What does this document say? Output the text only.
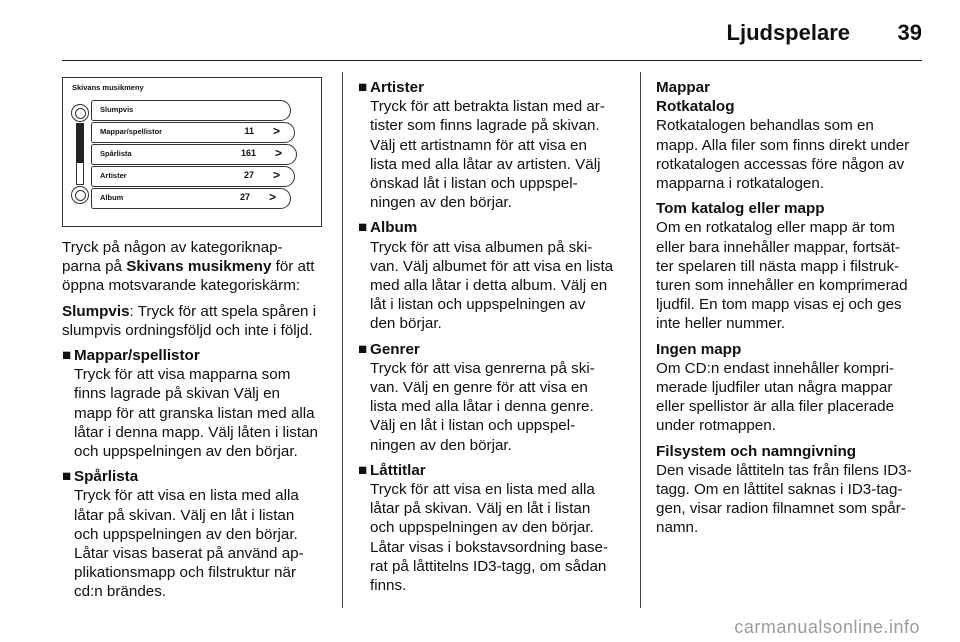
Ljudspelare 39
Skivans musikmeny
Slumpvis
Mappar/spellistor	11 >
Spårlista	161 >
Artister	27 >
Album	27 >

Tryck på någon av kategoriknap-

parna på Skivans musikmeny för att

öppna motsvarande kategoriskärm:

Slumpvis: Tryck för att spela spåren i

slumpvis ordningsföljd och inte i följd.

■ Mappar/spellistor

Tryck för att visa mapparna som

finns lagrade på skivan Välj en

mapp för att granska listan med alla

låtar i denna mapp. Välj låten i listan

och uppspelningen av den börjar.

■ Spårlista

Tryck för att visa en lista med alla

låtar på skivan. Välj en låt i listan

och uppspelningen av den börjar.

Låtar visas baserat på använd ap-

plikationsmapp och filstruktur när

cd:n brändes.

■ Artister

Tryck för att betrakta listan med ar-

tister som finns lagrade på skivan.

Välj ett artistnamn för att visa en

lista med alla låtar av artisten. Välj

önskad låt i listan och uppspel-

ningen av den börjar.

■ Album

Tryck för att visa albumen på ski-

van. Välj albumet för att visa en lista

med alla låtar i detta album. Välj en

låt i listan och uppspelningen av

den börjar.

■ Genrer

Tryck för att visa genrerna på ski-

van. Välj en genre för att visa en

lista med alla låtar i denna genre.

Välj en låt i listan och uppspel-

ningen av den börjar.

■ Låttitlar

Tryck för att visa en lista med alla

låtar på skivan. Välj en låt i listan

och uppspelningen av den börjar.

Låtar visas i bokstavsordning base-

rat på låttitelns ID3-tagg, om sådan

finns.

Mappar

Rotkatalog

Rotkatalogen behandlas som en

mapp. Alla filer som finns direkt under

rotkatalogen accessas före någon av

mapparna i rotkatalogen.

Tom katalog eller mapp

Om en rotkatalog eller mapp är tom

eller bara innehåller mappar, fortsät-

ter spelaren till nästa mapp i filstruk-

turen som innehåller en komprimerad

ljudfil. En tom mapp visas ej och ges

inte heller nummer.

Ingen mapp

Om CD:n endast innehåller kompri-

merade ljudfiler utan några mappar

eller spellistor är alla filer placerade

under rotmappen.

Filsystem och namngivning

Den visade låttiteln tas från filens ID3-

tagg. Om en låttitel saknas i ID3-tag-

gen, visar radion filnamnet som spår-

namn.

carmanualsonline.info
